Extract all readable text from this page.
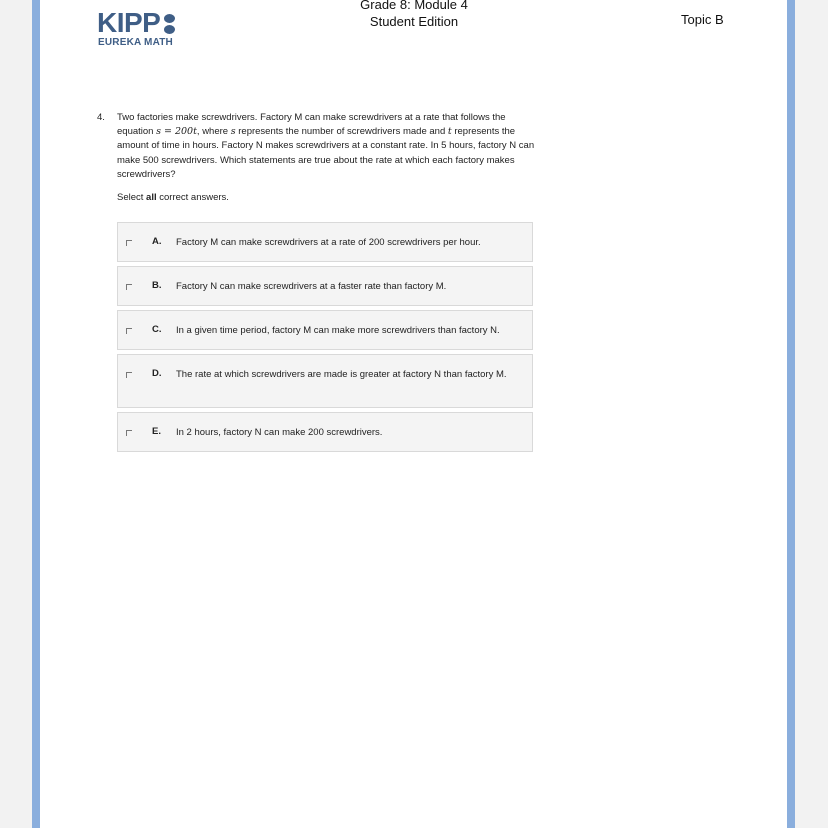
KIPP
EUREKA MATH
Grade 8: Module 4
Student Edition	Topic B
4. Two factories make screwdrivers. Factory M can make screwdrivers at a rate that follows the equation s = 200t, where s represents the number of screwdrivers made and t represents the amount of time in hours. Factory N makes screwdrivers at a constant rate. In 5 hours, factory N can make 500 screwdrivers. Which statements are true about the rate at which each factory makes screwdrivers?
Select all correct answers.
A. Factory M can make screwdrivers at a rate of 200 screwdrivers per hour.
B. Factory N can make screwdrivers at a faster rate than factory M.
C. In a given time period, factory M can make more screwdrivers than factory N.
D. The rate at which screwdrivers are made is greater at factory N than factory M.
E. In 2 hours, factory N can make 200 screwdrivers.
